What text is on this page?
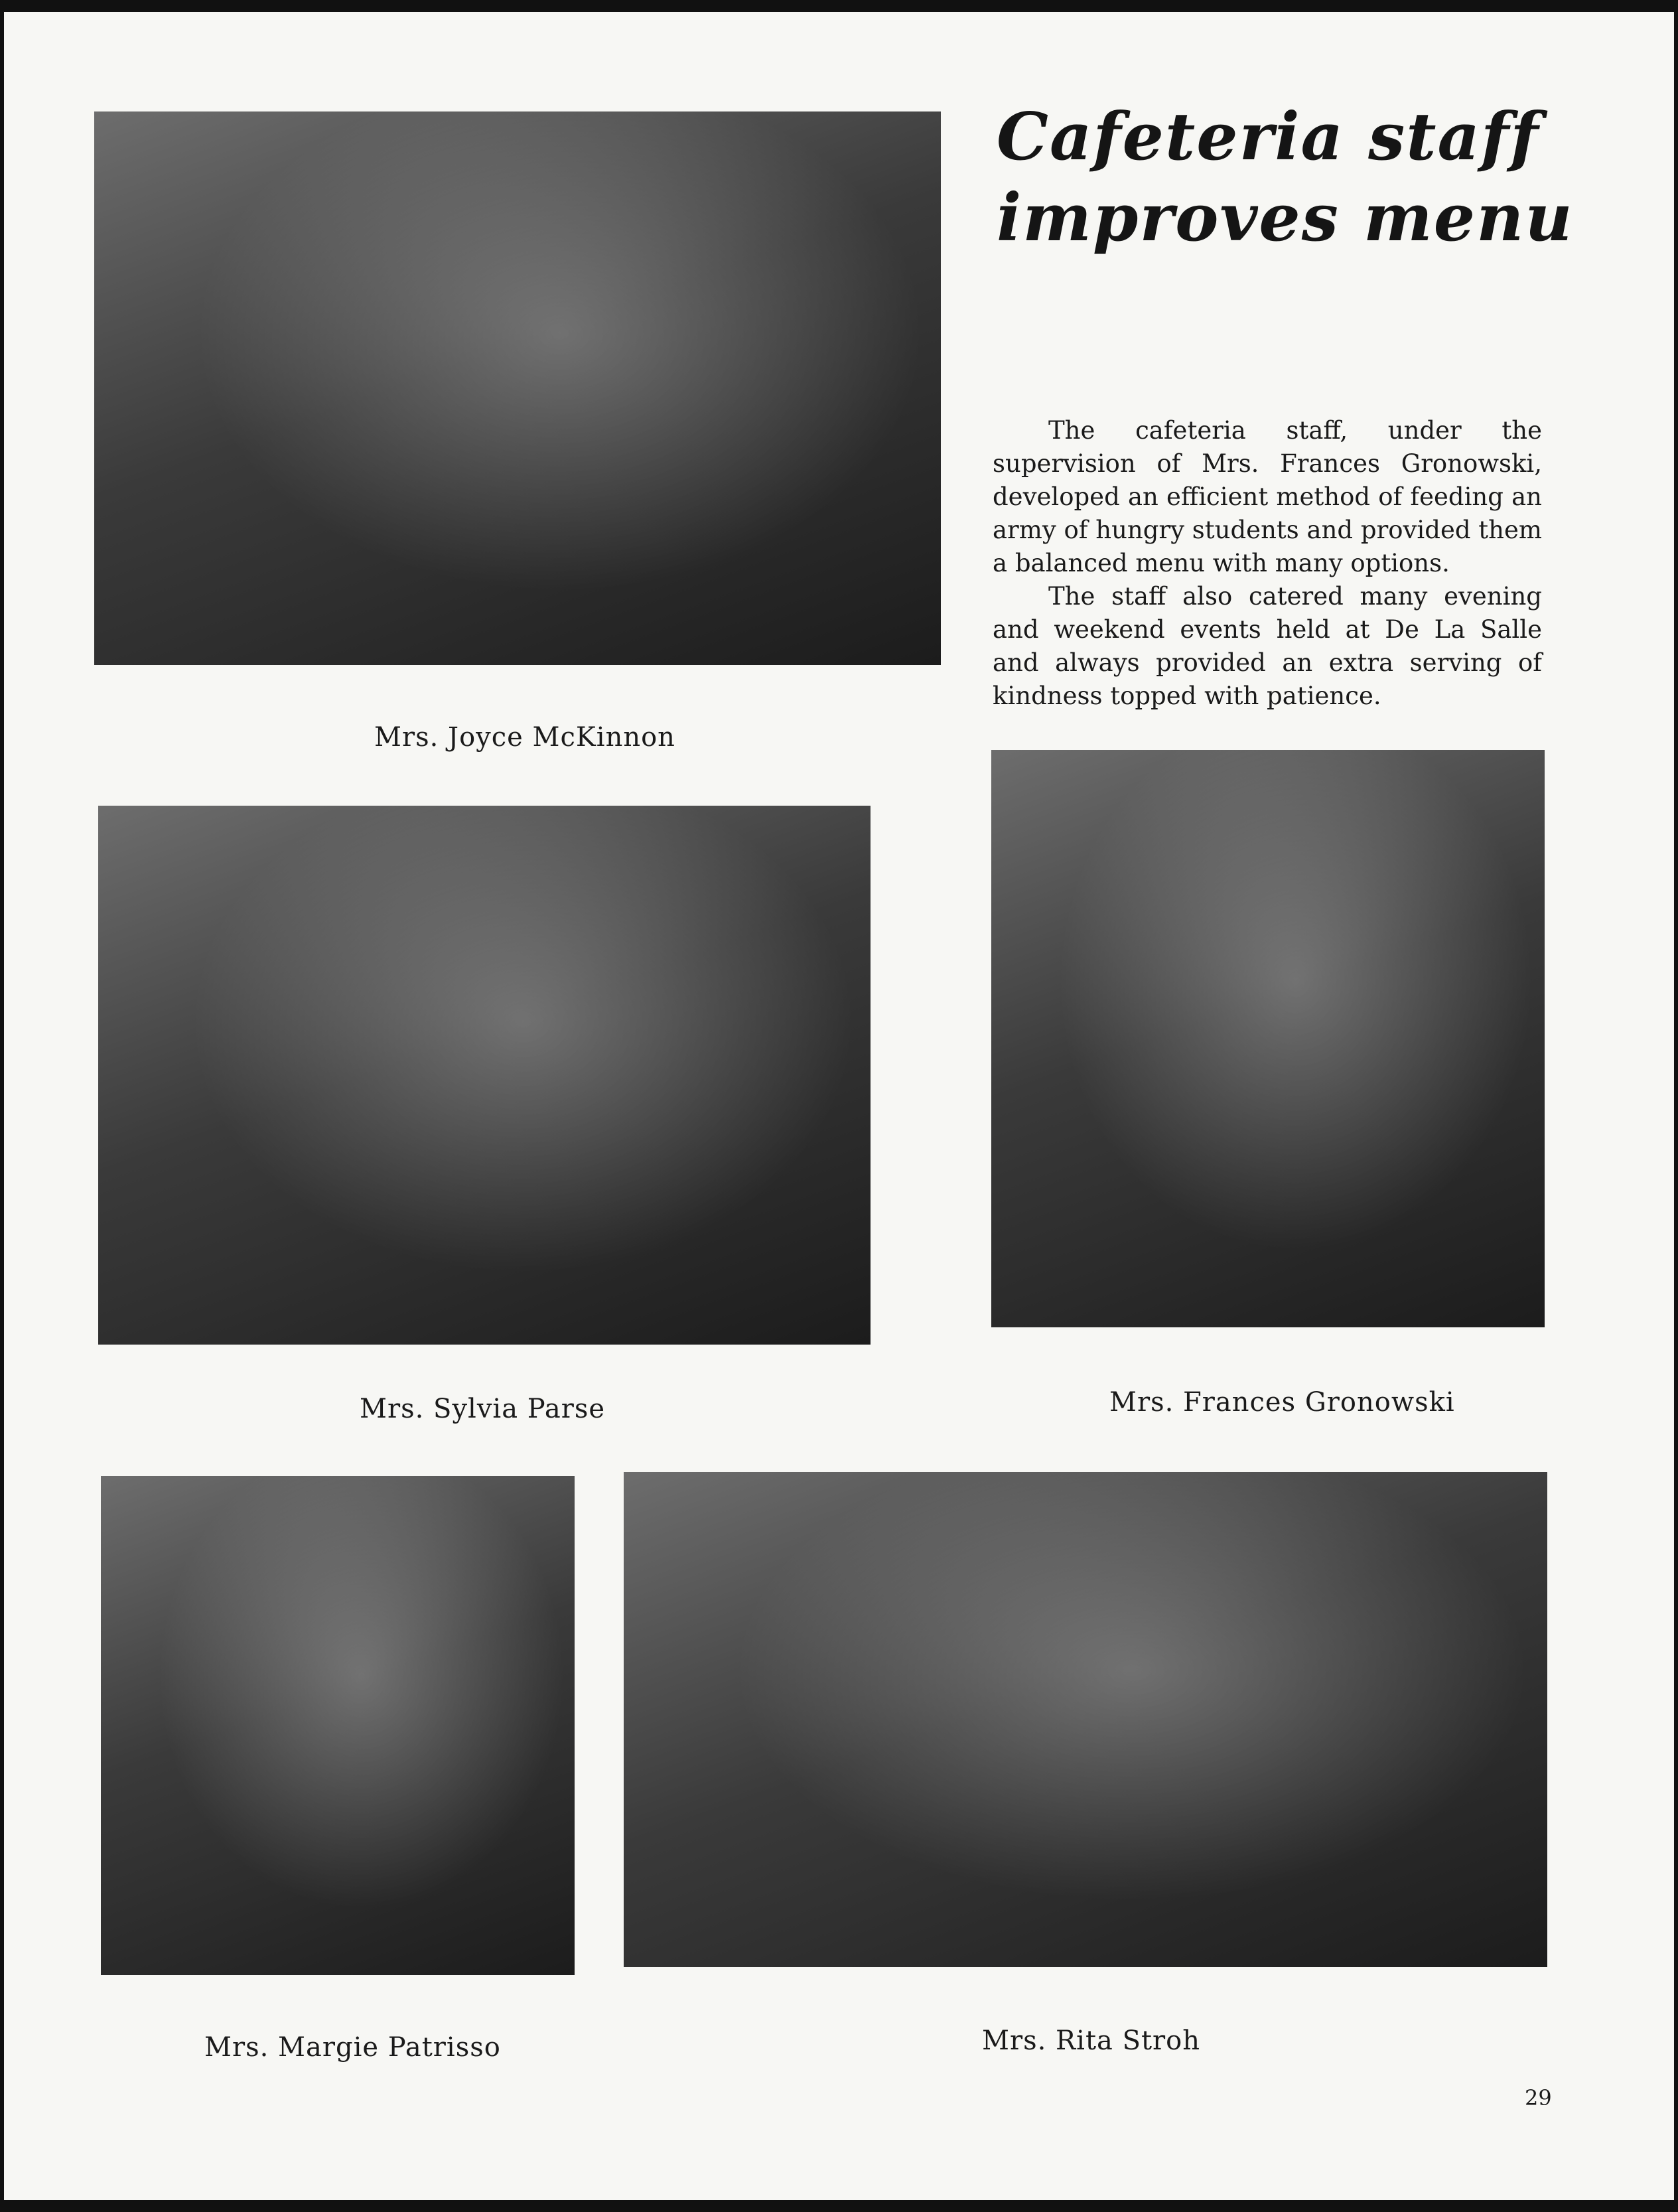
Cafeteria staff
improves menu

The cafeteria staff, under the supervision of Mrs. Frances Gronowski, developed an efficient method of feeding an army of hungry students and provided them a balanced menu with many options.

The staff also catered many evening and weekend events held at De La Salle and always provided an extra serving of kindness topped with patience.

Mrs. Joyce McKinnon
Mrs. Sylvia Parse	Mrs. Frances Gronowski
Mrs. Margie Patrisso	Mrs. Rita Stroh
29
